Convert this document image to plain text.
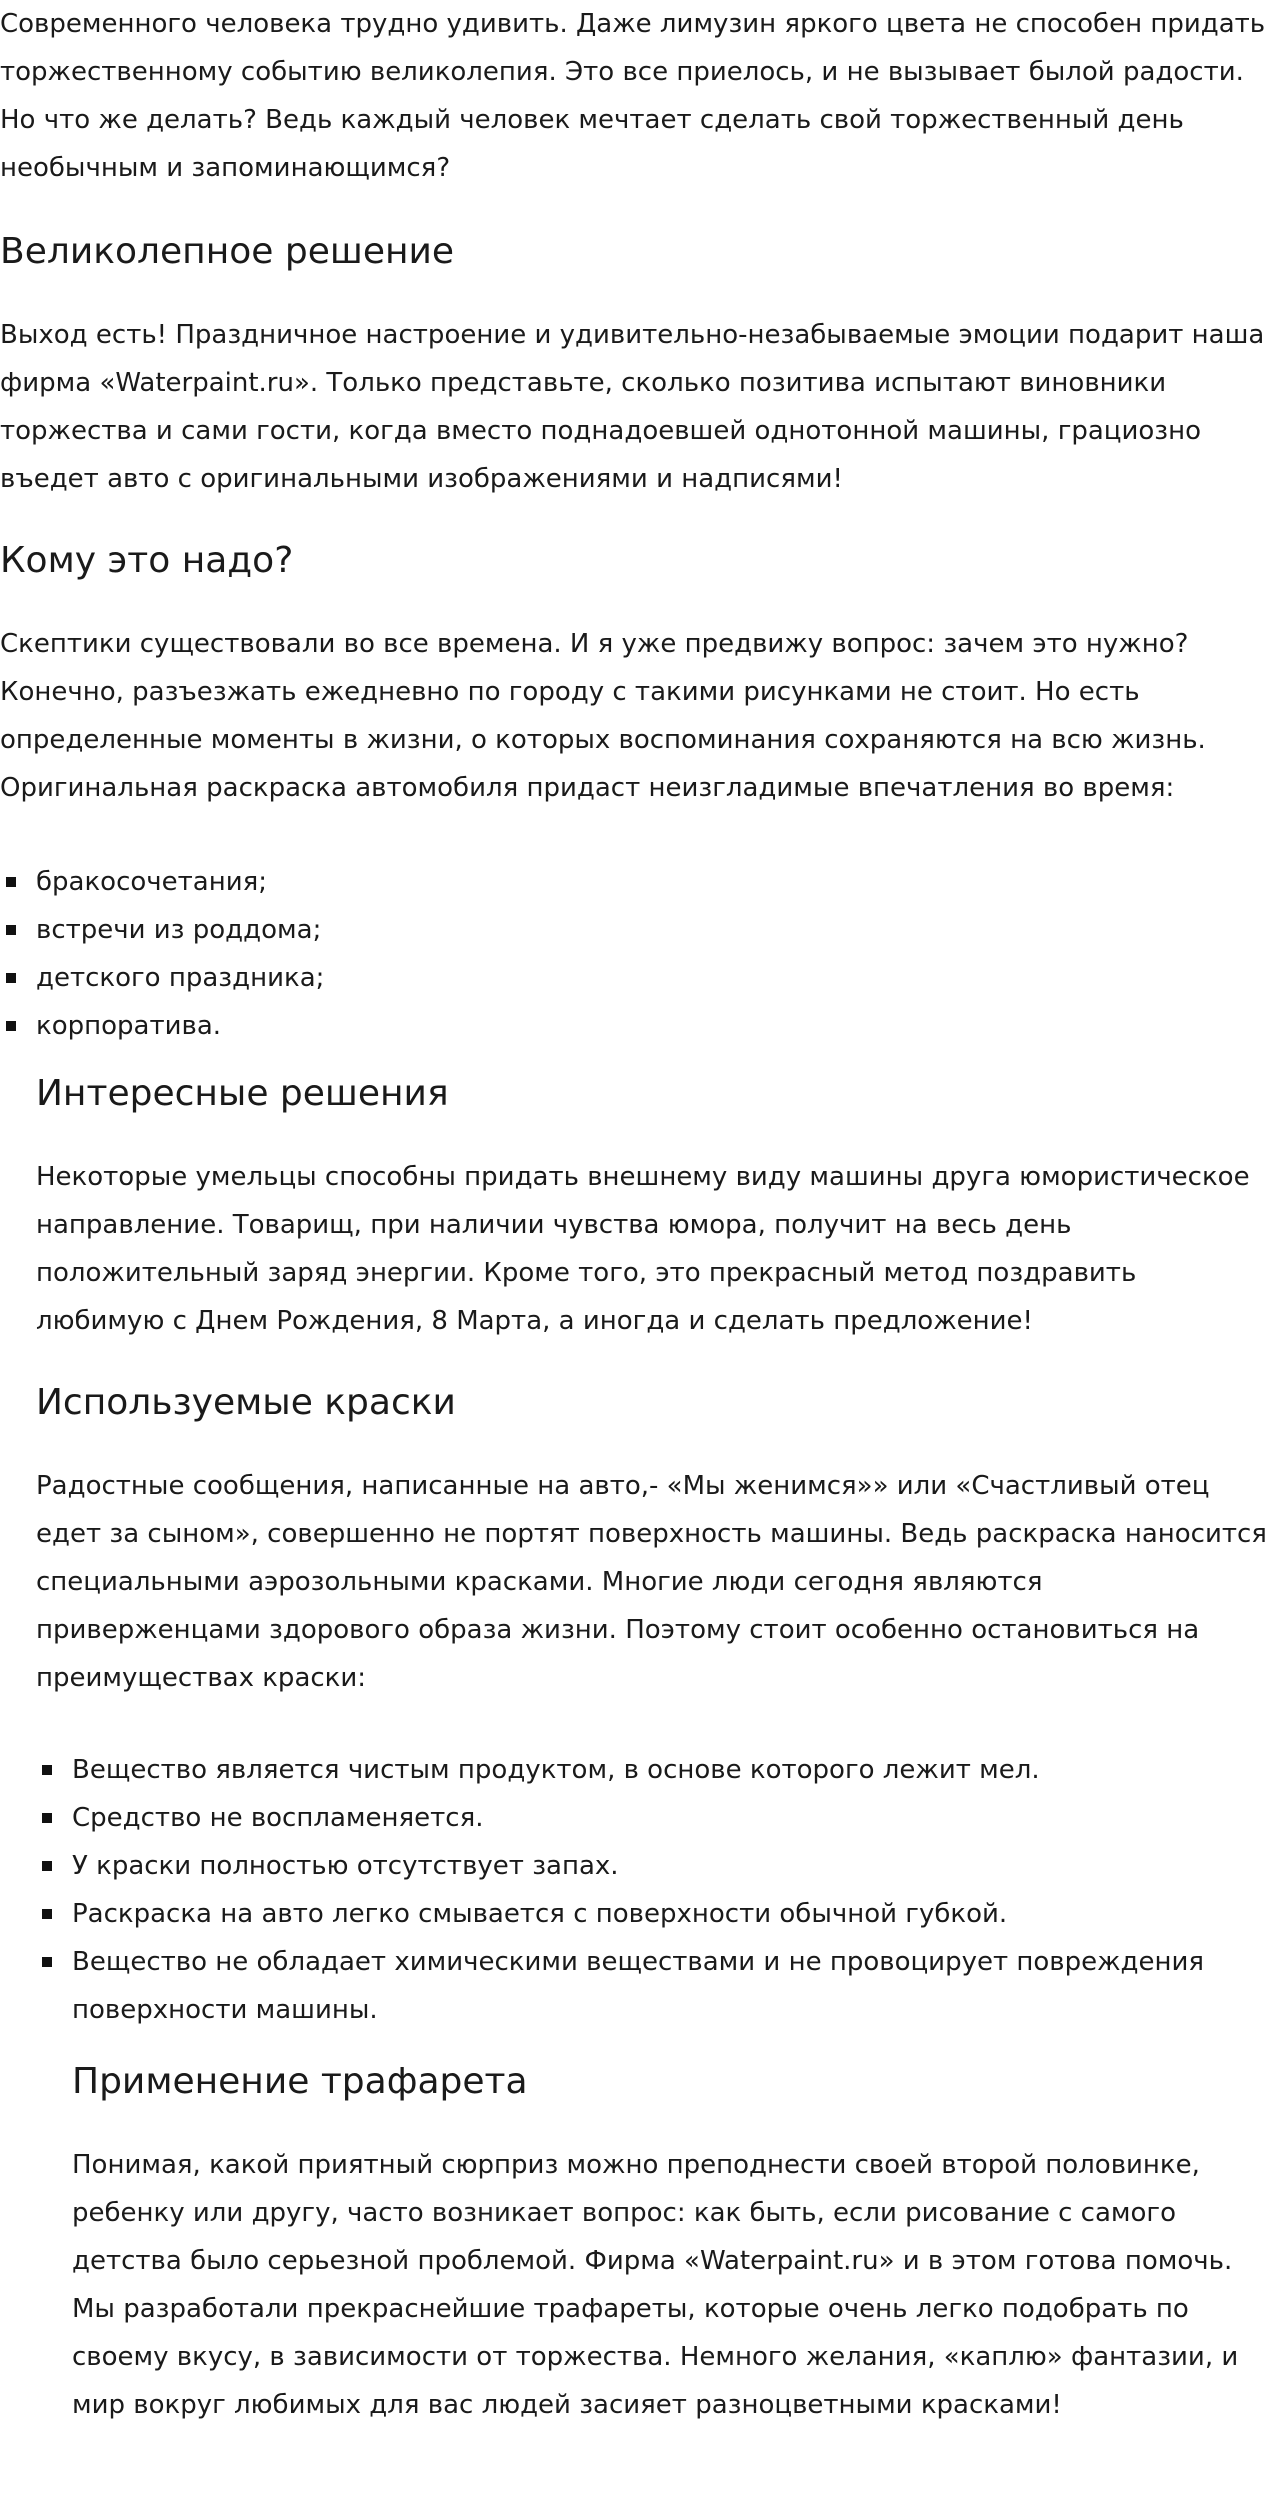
Современного человека трудно удивить. Даже лимузин яркого цвета не способен придать торжественному событию великолепия. Это все приелось, и не вызывает былой радости. Но что же делать? Ведь каждый человек мечтает сделать свой торжественный день необычным и запоминающимся?

Великолепное решение

Выход есть! Праздничное настроение и удивительно-незабываемые эмоции подарит наша фирма «Waterpaint.ru». Только представьте, сколько позитива испытают виновники торжества и сами гости, когда вместо поднадоевшей однотонной машины, грациозно въедет авто с оригинальными изображениями и надписями!

Кому это надо?

Скептики существовали во все времена. И я уже предвижу вопрос: зачем это нужно? Конечно, разъезжать ежедневно по городу с такими рисунками не стоит. Но есть определенные моменты в жизни, о которых воспоминания сохраняются на всю жизнь. Оригинальная раскраска автомобиля придаст неизгладимые впечатления во время:

бракосочетания;
встречи из роддома;
детского праздника;
корпоратива.
Интересные решения

Некоторые умельцы способны придать внешнему виду машины друга юмористическое направление. Товарищ, при наличии чувства юмора, получит на весь день положительный заряд энергии. Кроме того, это прекрасный метод поздравить любимую с Днем Рождения, 8 Марта, а иногда и сделать предложение!

Используемые краски

Радостные сообщения, написанные на авто,- «Мы женимся»» или «Счастливый отец едет за сыном», совершенно не портят поверхность машины. Ведь раскраска наносится специальными аэрозольными красками. Многие люди сегодня являются приверженцами здорового образа жизни. Поэтому стоит особенно остановиться на преимуществах краски:

Вещество является чистым продуктом, в основе которого лежит мел.
Средство не воспламеняется.
У краски полностью отсутствует запах.
Раскраска на авто легко смывается с поверхности обычной губкой.
Вещество не обладает химическими веществами и не провоцирует повреждения поверхности машины.
Применение трафарета

Понимая, какой приятный сюрприз можно преподнести своей второй половинке, ребенку или другу, часто возникает вопрос: как быть, если рисование с самого детства было серьезной проблемой. Фирма «Waterpaint.ru» и в этом готова помочь. Мы разработали прекраснейшие трафареты, которые очень легко подобрать по своему вкусу, в зависимости от торжества. Немного желания, «каплю» фантазии, и мир вокруг любимых для вас людей засияет разноцветными красками!
